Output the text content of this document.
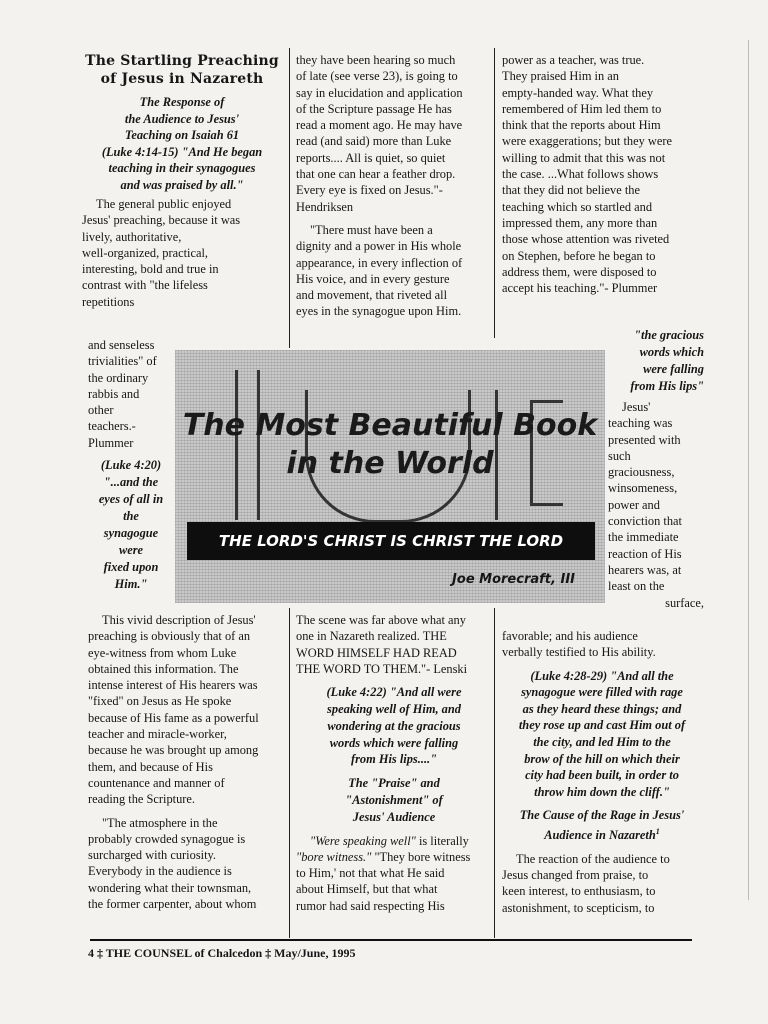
The Startling Preaching
of Jesus in Nazareth
The Response of
the Audience to Jesus'
Teaching on Isaiah 61
(Luke 4:14-15) "And He began
teaching in their synagogues
and was praised by all."
The general public enjoyed
Jesus' preaching, because it was
lively, authoritative,
well-organized, practical,
interesting, bold and true in
contrast with "the lifeless
repetitions
and senseless
trivialities" of
the ordinary
rabbis and
other
teachers.-
Plummer
(Luke 4:20)
"...and the
eyes of all in
the
synagogue
were
fixed upon
Him."
This vivid description of Jesus'
preaching is obviously that of an
eye-witness from whom Luke
obtained this information. The
intense interest of His hearers was
"fixed" on Jesus as He spoke
because of His fame as a powerful
teacher and miracle-worker,
because he was brought up among
them, and because of His
countenance and manner of
reading the Scripture.
"The atmosphere in the
probably crowded synagogue is
surcharged with curiosity.
Everybody in the audience is
wondering what their townsman,
the former carpenter, about whom
they have been hearing so much
of late (see verse 23), is going to
say in elucidation and application
of the Scripture passage He has
read a moment ago. He may have
read (and said) more than Luke
reports.... All is quiet, so quiet
that one can hear a feather drop.
Every eye is fixed on Jesus."-
Hendriksen
"There must have been a
dignity and a power in His whole
appearance, in every inflection of
His voice, and in every gesture
and movement, that riveted all
eyes in the synagogue upon Him.
The scene was far above what any
one in Nazareth realized. THE
WORD HIMSELF HAD READ
THE WORD TO THEM."- Lenski
(Luke 4:22) "And all were
speaking well of Him, and
wondering at the gracious
words which were falling
from His lips...."
The "Praise" and
"Astonishment" of
Jesus' Audience
"Were speaking well" is literally
"bore witness." "They bore witness
to Him,' not that what He said
about Himself, but that what
rumor had said respecting His
power as a teacher, was true.
They praised Him in an
empty-handed way. What they
remembered of Him led them to
think that the reports about Him
were exaggerations; but they were
willing to admit that this was not
the case. ...What follows shows
that they did not believe the
teaching which so startled and
impressed them, any more than
those whose attention was riveted
on Stephen, before he began to
address them, were disposed to
accept his teaching."- Plummer
"the gracious
words which
were falling
from His lips"
Jesus'
teaching was
presented with
such
graciousness,
winsomeness,
power and
conviction that
the immediate
reaction of His
hearers was, at
least on the
surface,
favorable; and his audience
verbally testified to His ability.
(Luke 4:28-29) "And all the
synagogue were filled with rage
as they heard these things; and
they rose up and cast Him out of
the city, and led Him to the
brow of the hill on which their
city had been built, in order to
throw him down the cliff."
The Cause of the Rage in Jesus'
Audience in Nazareth$^1$
The reaction of the audience to
Jesus changed from praise, to
keen interest, to enthusiasm, to
astonishment, to scepticism, to
The Most Beautiful Book
in the World
THE LORD'S CHRIST IS CHRIST THE LORD
Joe Morecraft, III
4 ‡ THE COUNSEL of Chalcedon ‡ May/June, 1995
